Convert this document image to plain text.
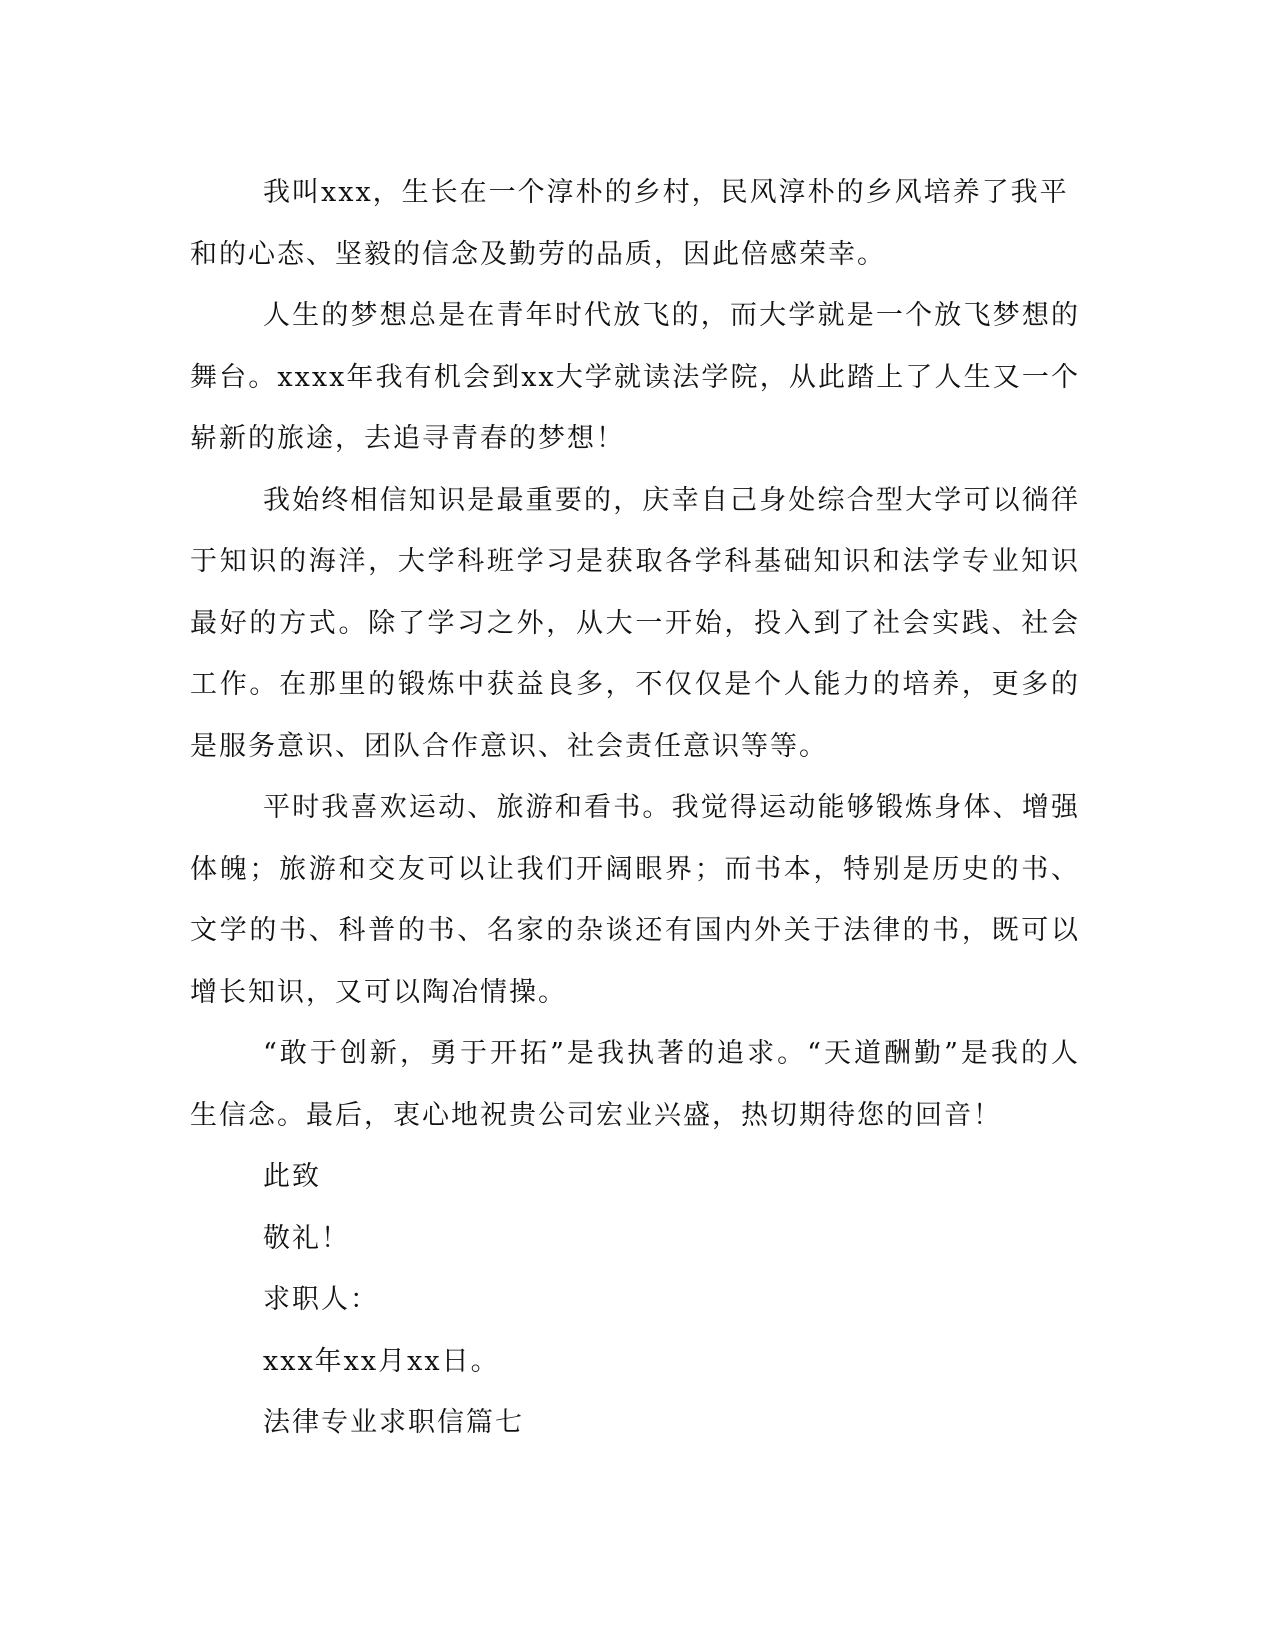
我叫xxx，生长在一个淳朴的乡村，民风淳朴的乡风培养了我平和的心态、坚毅的信念及勤劳的品质，因此倍感荣幸。

人生的梦想总是在青年时代放飞的，而大学就是一个放飞梦想的舞台。xxxx年我有机会到xx大学就读法学院，从此踏上了人生又一个崭新的旅途，去追寻青春的梦想！

我始终相信知识是最重要的，庆幸自己身处综合型大学可以徜徉于知识的海洋，大学科班学习是获取各学科基础知识和法学专业知识最好的方式。除了学习之外，从大一开始，投入到了社会实践、社会工作。在那里的锻炼中获益良多，不仅仅是个人能力的培养，更多的是服务意识、团队合作意识、社会责任意识等等。

平时我喜欢运动、旅游和看书。我觉得运动能够锻炼身体、增强体魄；旅游和交友可以让我们开阔眼界；而书本，特别是历史的书、文学的书、科普的书、名家的杂谈还有国内外关于法律的书，既可以增长知识，又可以陶冶情操。

“敢于创新，勇于开拓”是我执著的追求。“天道酬勤”是我的人生信念。最后，衷心地祝贵公司宏业兴盛，热切期待您的回音！

此致

敬礼！

求职人：

xxx年xx月xx日。

法律专业求职信篇七
